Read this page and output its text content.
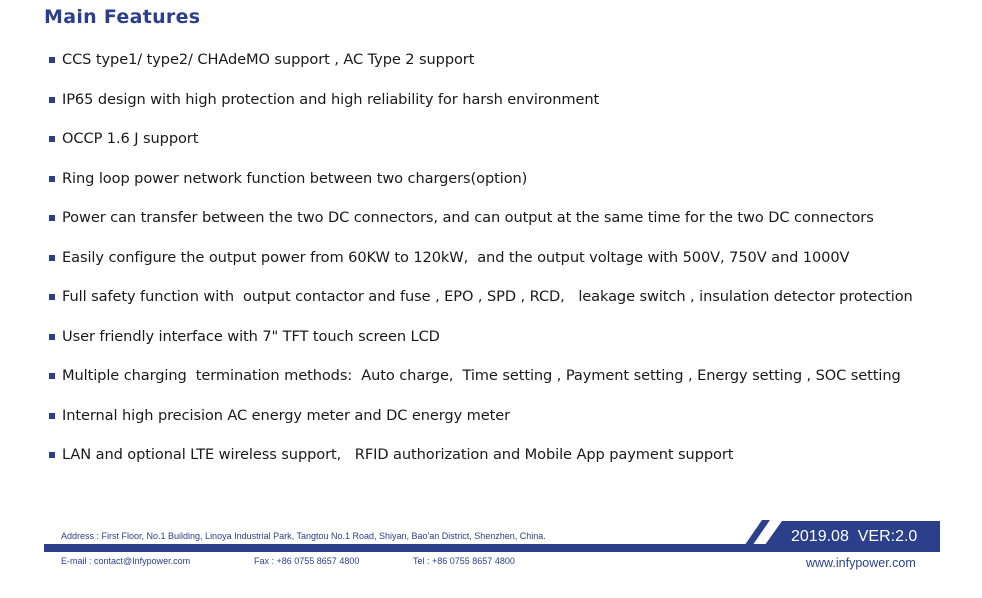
Main Features
CCS type1/ type2/ CHAdeMO support , AC Type 2 support
IP65 design with high protection and high reliability for harsh environment
OCCP 1.6 J support
Ring loop power network function between two chargers(option)
Power can transfer between the two DC connectors, and can output at the same time for the two DC connectors
Easily configure the output power from 60KW to 120kW,  and the output voltage with 500V, 750V and 1000V
Full safety function with  output contactor and fuse , EPO , SPD , RCD,   leakage switch , insulation detector protection
User friendly interface with 7" TFT touch screen LCD
Multiple charging  termination methods:  Auto charge,  Time setting , Payment setting , Energy setting , SOC setting
Internal high precision AC energy meter and DC energy meter
LAN and optional LTE wireless support,   RFID authorization and Mobile App payment support
Address : First Floor, No.1 Building, Linoya Industrial Park, Tangtou No.1 Road, Shiyan, Bao'an District, Shenzhen, China.	2019.08  VER:2.0
E-mail : contact@Infypower.com	Fax : +86 0755 8657 4800	Tel : +86 0755 8657 4800	www.infypower.com
